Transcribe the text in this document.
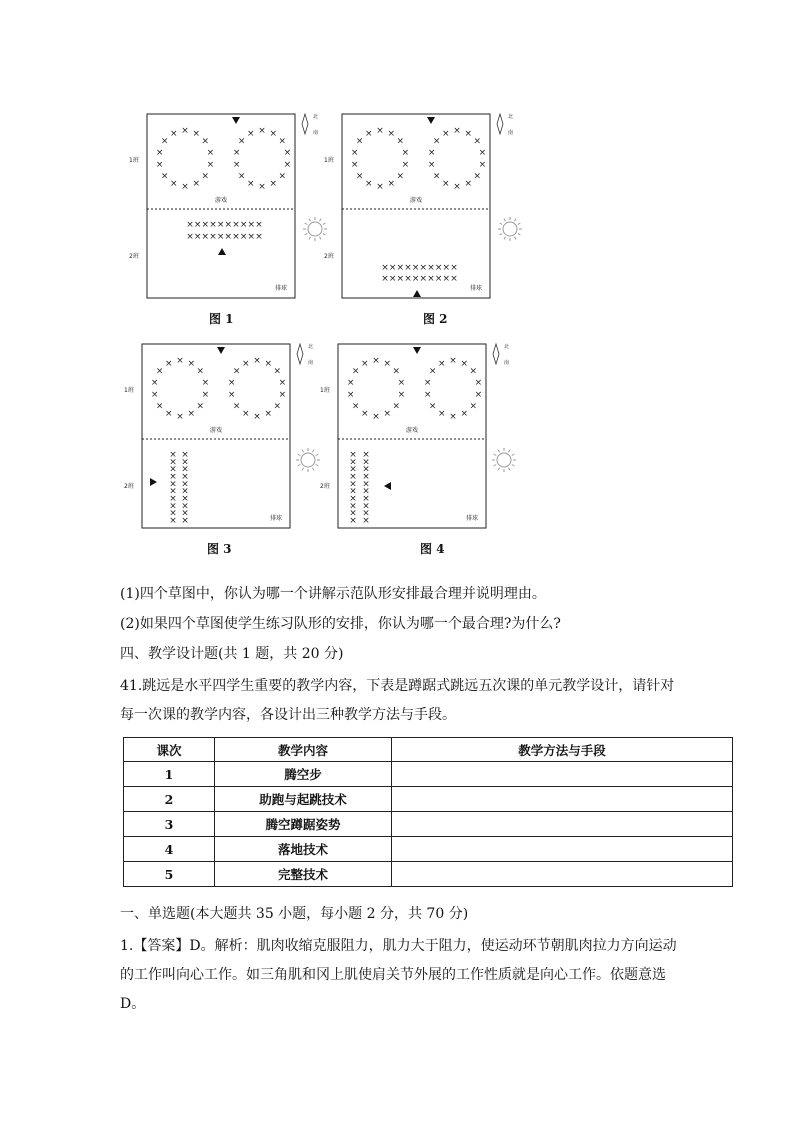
1班
2班
游戏
排球
× ×
×
×
×
×
×
×
×
×
×
×
×
×	× ×
×
×
×
×
×
×
×
×
×
×
×
×
× × × × × × × × × ×
× × × × × × × × × ×
北
南
图 1
1班
2班
游戏
排球
× ×
×
×
×
×
×
×
×
×
×
×
×
×	× ×
×
×
×
×
×
×
×
×
×
×
×
×
× × × × × × × × × ×
× × × × × × × × × ×
北
南
图 2
1班
2班
游戏
排球
× ×
×
×
×
×
×
×
×
×
×
×
×
×	× ×
×
×
×
×
×
×
×
×
×
×
×
×
×
×
×
×
×
×
×
×
×
×
×
×
×
×
×
×
×
×
×
×
北
南
图 3
1班
2班
游戏
排球
× ×
×
×
×
×
×
×
×
×
×
×
×
×	× ×
×
×
×
×
×
×
×
×
×
×
×
×
×
×
×
×
×
×
×
×
×
×
×
×
×
×
×
×
×
×
×
×
北
南
图 4
(1)四个草图中，你认为哪一个讲解示范队形安排最合理并说明理由。
(2)如果四个草图使学生练习队形的安排，你认为哪一个最合理?为什么?
四、教学设计题(共 1 题，共 20 分)
41.跳远是水平四学生重要的教学内容，下表是蹲踞式跳远五次课的单元教学设计，请针对每一次课的教学内容，各设计出三种教学方法与手段。
课次	教学内容	教学方法与手段
1	腾空步	
2	助跑与起跳技术	
3	腾空蹲踞姿势	
4	落地技术	
5	完整技术	
一、单选题(本大题共 35 小题，每小题 2 分，共 70 分)
1.【答案】D。解析：肌肉收缩克服阻力，肌力大于阻力，使运动环节朝肌肉拉力方向运动的工作叫向心工作。如三角肌和冈上肌使肩关节外展的工作性质就是向心工作。依题意选D。
